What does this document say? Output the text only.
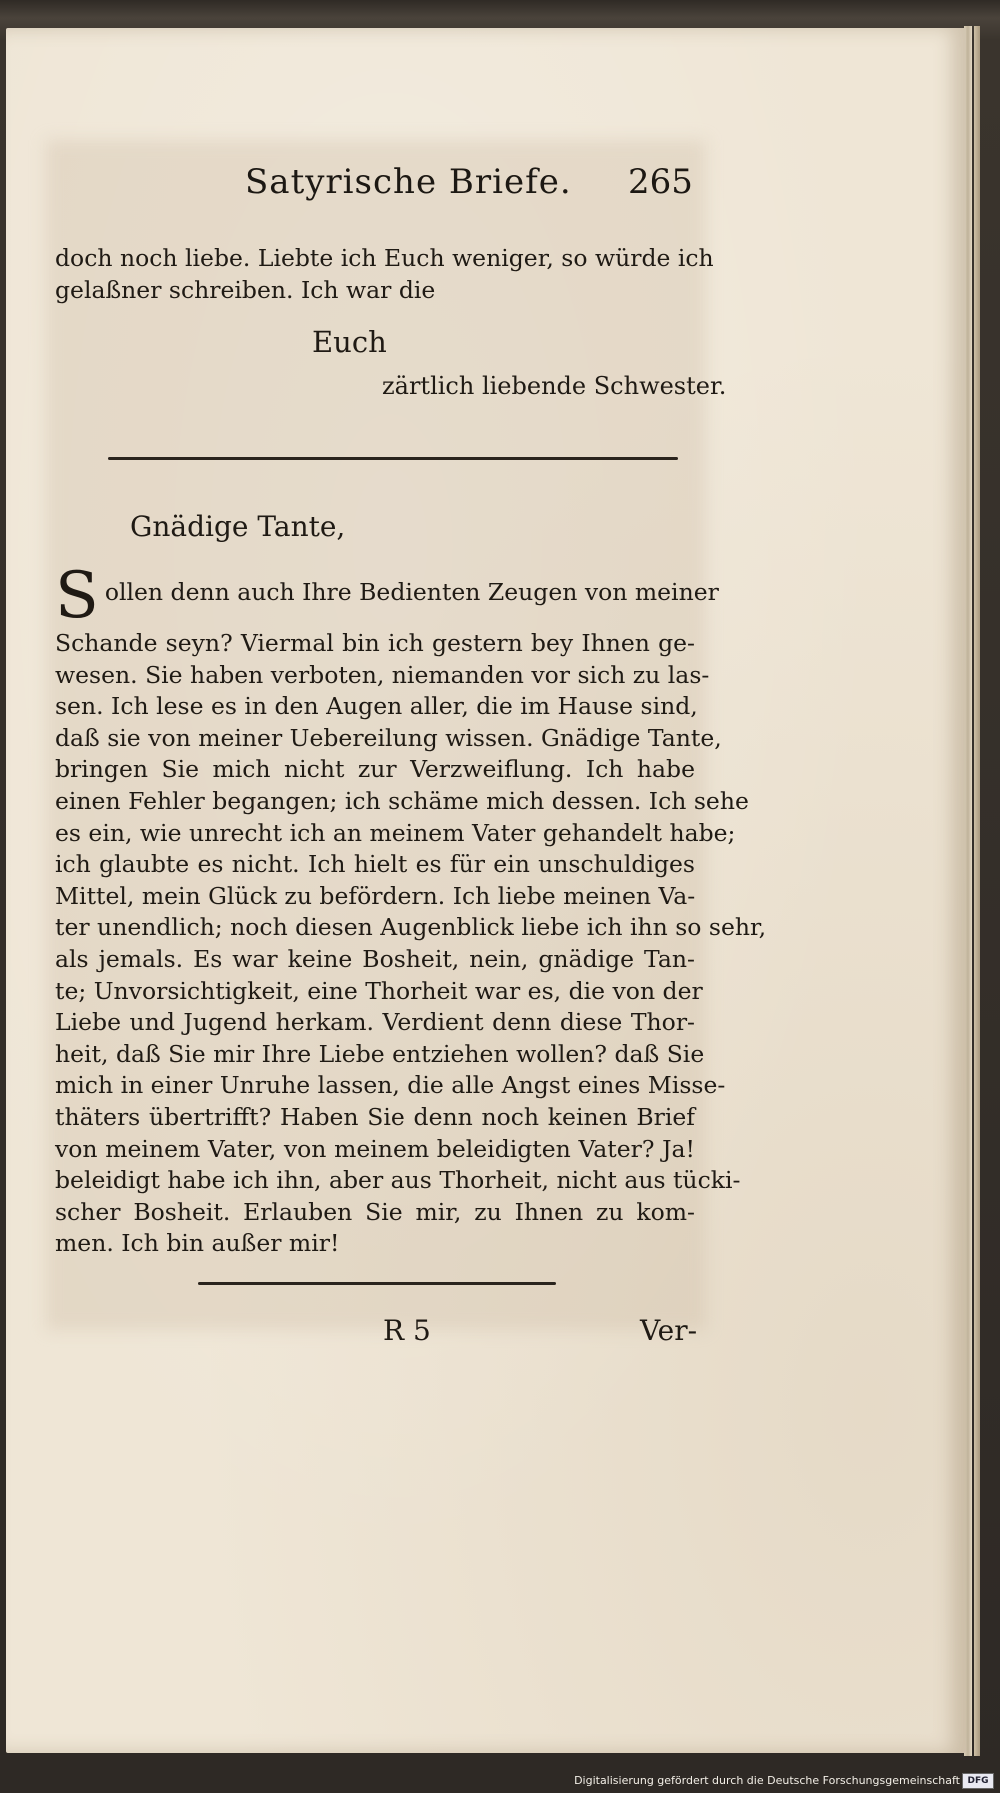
Satyrische Briefe. 265
doch noch liebe. Liebte ich Euch weniger, so würde ich
gelaßner schreiben. Ich war die
Euch
zärtlich liebende Schwester.
Gnädige Tante,
S ollen denn auch Ihre Bedienten Zeugen von meiner
Schande seyn? Viermal bin ich gestern bey Ihnen ge-
wesen. Sie haben verboten, niemanden vor sich zu las-
sen. Ich lese es in den Augen aller, die im Hause sind,
daß sie von meiner Uebereilung wissen. Gnädige Tante,
bringen Sie mich nicht zur Verzweiflung. Ich habe
einen Fehler begangen; ich schäme mich dessen. Ich sehe
es ein, wie unrecht ich an meinem Vater gehandelt habe;
ich glaubte es nicht. Ich hielt es für ein unschuldiges
Mittel, mein Glück zu befördern. Ich liebe meinen Va-
ter unendlich; noch diesen Augenblick liebe ich ihn so sehr,
als jemals. Es war keine Bosheit, nein, gnädige Tan-
te; Unvorsichtigkeit, eine Thorheit war es, die von der
Liebe und Jugend herkam. Verdient denn diese Thor-
heit, daß Sie mir Ihre Liebe entziehen wollen? daß Sie
mich in einer Unruhe lassen, die alle Angst eines Misse-
thäters übertrifft? Haben Sie denn noch keinen Brief
von meinem Vater, von meinem beleidigten Vater? Ja!
beleidigt habe ich ihn, aber aus Thorheit, nicht aus tücki-
scher Bosheit. Erlauben Sie mir, zu Ihnen zu kom-
men. Ich bin außer mir!
R 5	Ver-
Digitalisierung gefördert durch die Deutsche Forschungsgemeinschaft DFG
